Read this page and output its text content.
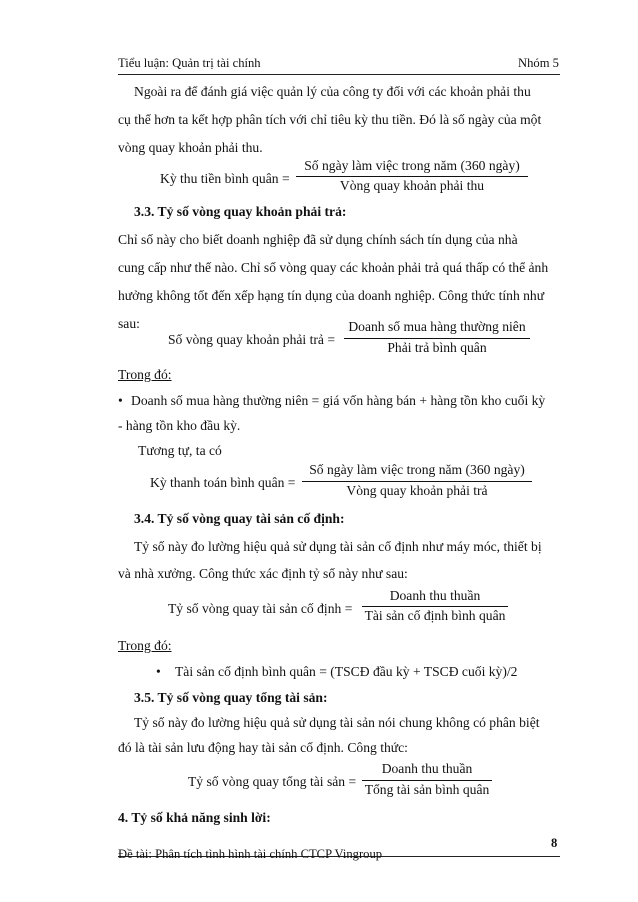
Tiểu luận: Quản trị tài chính	Nhóm 5
Ngoài ra để đánh giá việc quản lý của công ty đối với các khoản phải thu
cụ thể hơn ta kết hợp phân tích với chỉ tiêu kỳ thu tiền. Đó là số ngày của một
vòng quay khoản phải thu.
Kỳ thu tiền bình quân =
Số ngày làm việc trong năm (360 ngày)
Vòng quay khoản phải thu
3.3. Tỷ số vòng quay khoản phải trả:
Chỉ số này cho biết doanh nghiệp đã sử dụng chính sách tín dụng của nhà
cung cấp như thế nào. Chỉ số vòng quay các khoản phải trả quá thấp có thể ảnh
hưởng không tốt đến xếp hạng tín dụng của doanh nghiệp. Công thức tính như
sau:
Số vòng quay khoản phải trả =
Doanh số mua hàng thường niên
Phải trả bình quân
Trong đó:
• Doanh số mua hàng thường niên = giá vốn hàng bán + hàng tồn kho cuối kỳ
- hàng tồn kho đầu kỳ.
Tương tự, ta có
Kỳ thanh toán bình quân =
Số ngày làm việc trong năm (360 ngày)
Vòng quay khoản phải trả
3.4. Tỷ số vòng quay tài sản cố định:
Tỷ số này đo lường hiệu quả sử dụng tài sản cố định như máy móc, thiết bị
và nhà xưởng. Công thức xác định tỷ số này như sau:
Tỷ số vòng quay tài sản cố định =
Doanh thu thuần
Tài sản cố định bình quân
Trong đó:
• Tài sản cố định bình quân = (TSCĐ đầu kỳ + TSCĐ cuối kỳ)/2
3.5. Tỷ số vòng quay tổng tài sản:
Tỷ số này đo lường hiệu quả sử dụng tài sản nói chung không có phân biệt
đó là tài sản lưu động hay tài sản cố định. Công thức:
Tỷ số vòng quay tổng tài sản =
Doanh thu thuần
Tổng tài sản bình quân
4. Tỷ số khả năng sinh lời:
8
Đề tài: Phân tích tình hình tài chính CTCP Vingroup
